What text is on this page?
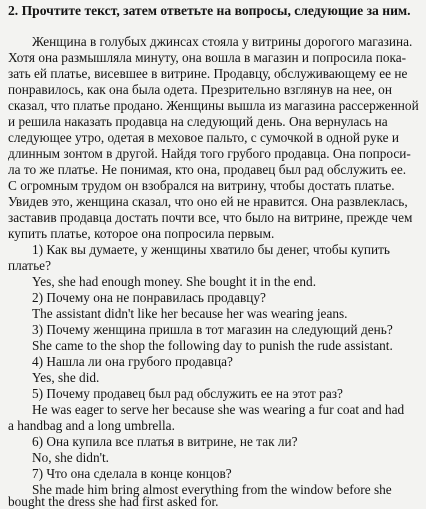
2. Прочтите текст, затем ответьте на вопросы, следующие за ним.
Женщина в голубых джинсах стояла у витрины дорогого магазина.
Хотя она размышляла минуту, она вошла в магазин и попросила пока-
зать ей платье, висевшее в витрине. Продавцу, обслуживающему ее не
понравилось, как она была одета. Презрительно взглянув на нее, он
сказал, что платье продано. Женщины вышла из магазина рассерженной
и решила наказать продавца на следующий день. Она вернулась на
следующее утро, одетая в меховое пальто, с сумочкой в одной руке и
длинным зонтом в другой. Найдя того грубого продавца. Она попроси-
ла то же платье. Не понимая, кто она, продавец был рад обслужить ее.
С огромным трудом он взобрался на витрину, чтобы достать платье.
Увидев это, женщина сказал, что оно ей не нравится. Она развлеклась,
заставив продавца достать почти все, что было на витрине, прежде чем
купить платье, которое она попросила первым.
1) Как вы думаете, у женщины хватило бы денег, чтобы купить
платье?
Yes, she had enough money. She bought it in the end.
2) Почему она не понравилась продавцу?
The assistant didn't like her because her was wearing jeans.
3) Почему женщина пришла в тот магазин на следующий день?
She came to the shop the following day to punish the rude assistant.
4) Нашла ли она грубого продавца?
Yes, she did.
5) Почему продавец был рад обслужить ее на этот раз?
He was eager to serve her because she was wearing a fur coat and had
a handbag and a long umbrella.
6) Она купила все платья в витрине, не так ли?
No, she didn't.
7) Что она сделала в конце концов?
She made him bring almost everything from the window before she
bought the dress she had first asked for.
